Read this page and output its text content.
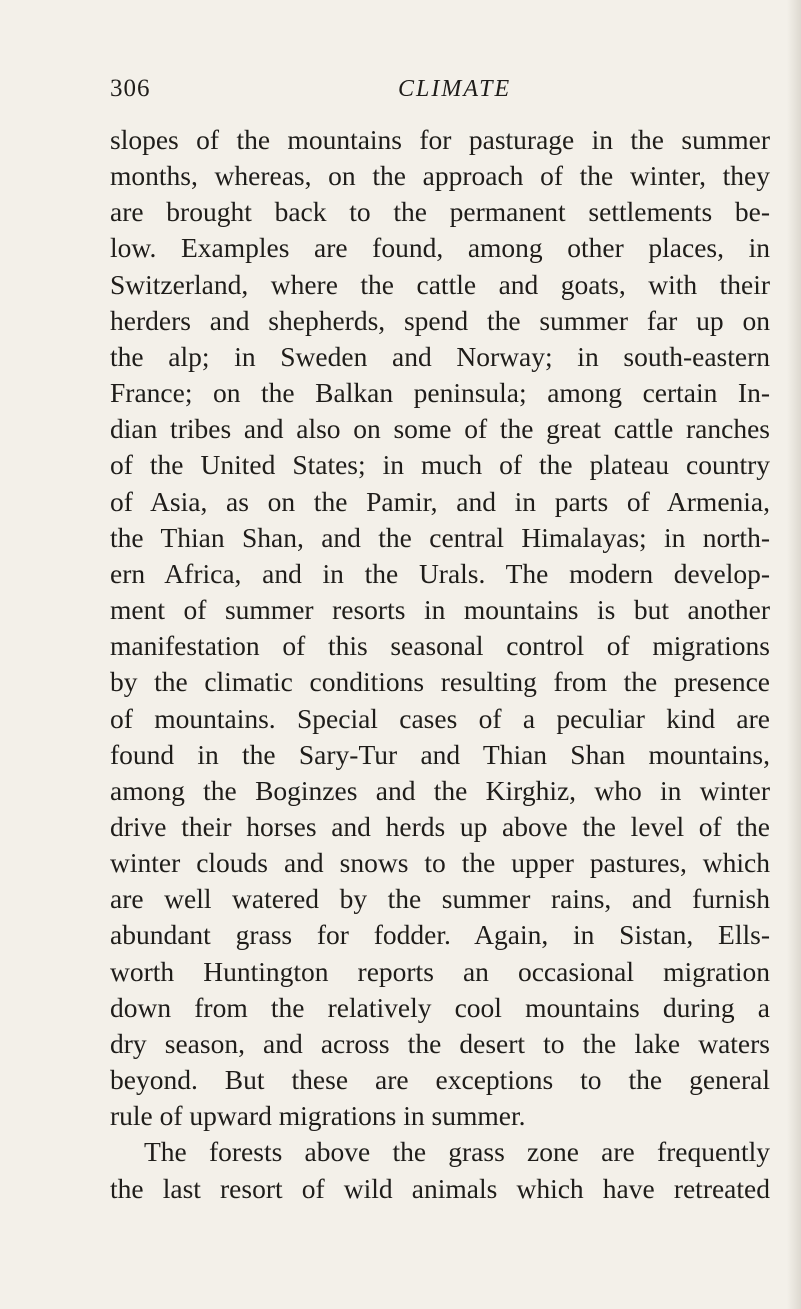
306	CLIMATE
slopes of the mountains for pasturage in the summer
months, whereas, on the approach of the winter, they
are brought back to the permanent settlements be-
low. Examples are found, among other places, in
Switzerland, where the cattle and goats, with their
herders and shepherds, spend the summer far up on
the alp; in Sweden and Norway; in south-eastern
France; on the Balkan peninsula; among certain In-
dian tribes and also on some of the great cattle ranches
of the United States; in much of the plateau country
of Asia, as on the Pamir, and in parts of Armenia,
the Thian Shan, and the central Himalayas; in north-
ern Africa, and in the Urals. The modern develop-
ment of summer resorts in mountains is but another
manifestation of this seasonal control of migrations
by the climatic conditions resulting from the presence
of mountains. Special cases of a peculiar kind are
found in the Sary-Tur and Thian Shan mountains,
among the Boginzes and the Kirghiz, who in winter
drive their horses and herds up above the level of the
winter clouds and snows to the upper pastures, which
are well watered by the summer rains, and furnish
abundant grass for fodder. Again, in Sistan, Ells-
worth Huntington reports an occasional migration
down from the relatively cool mountains during a
dry season, and across the desert to the lake waters
beyond. But these are exceptions to the general
rule of upward migrations in summer.
The forests above the grass zone are frequently
the last resort of wild animals which have retreated
